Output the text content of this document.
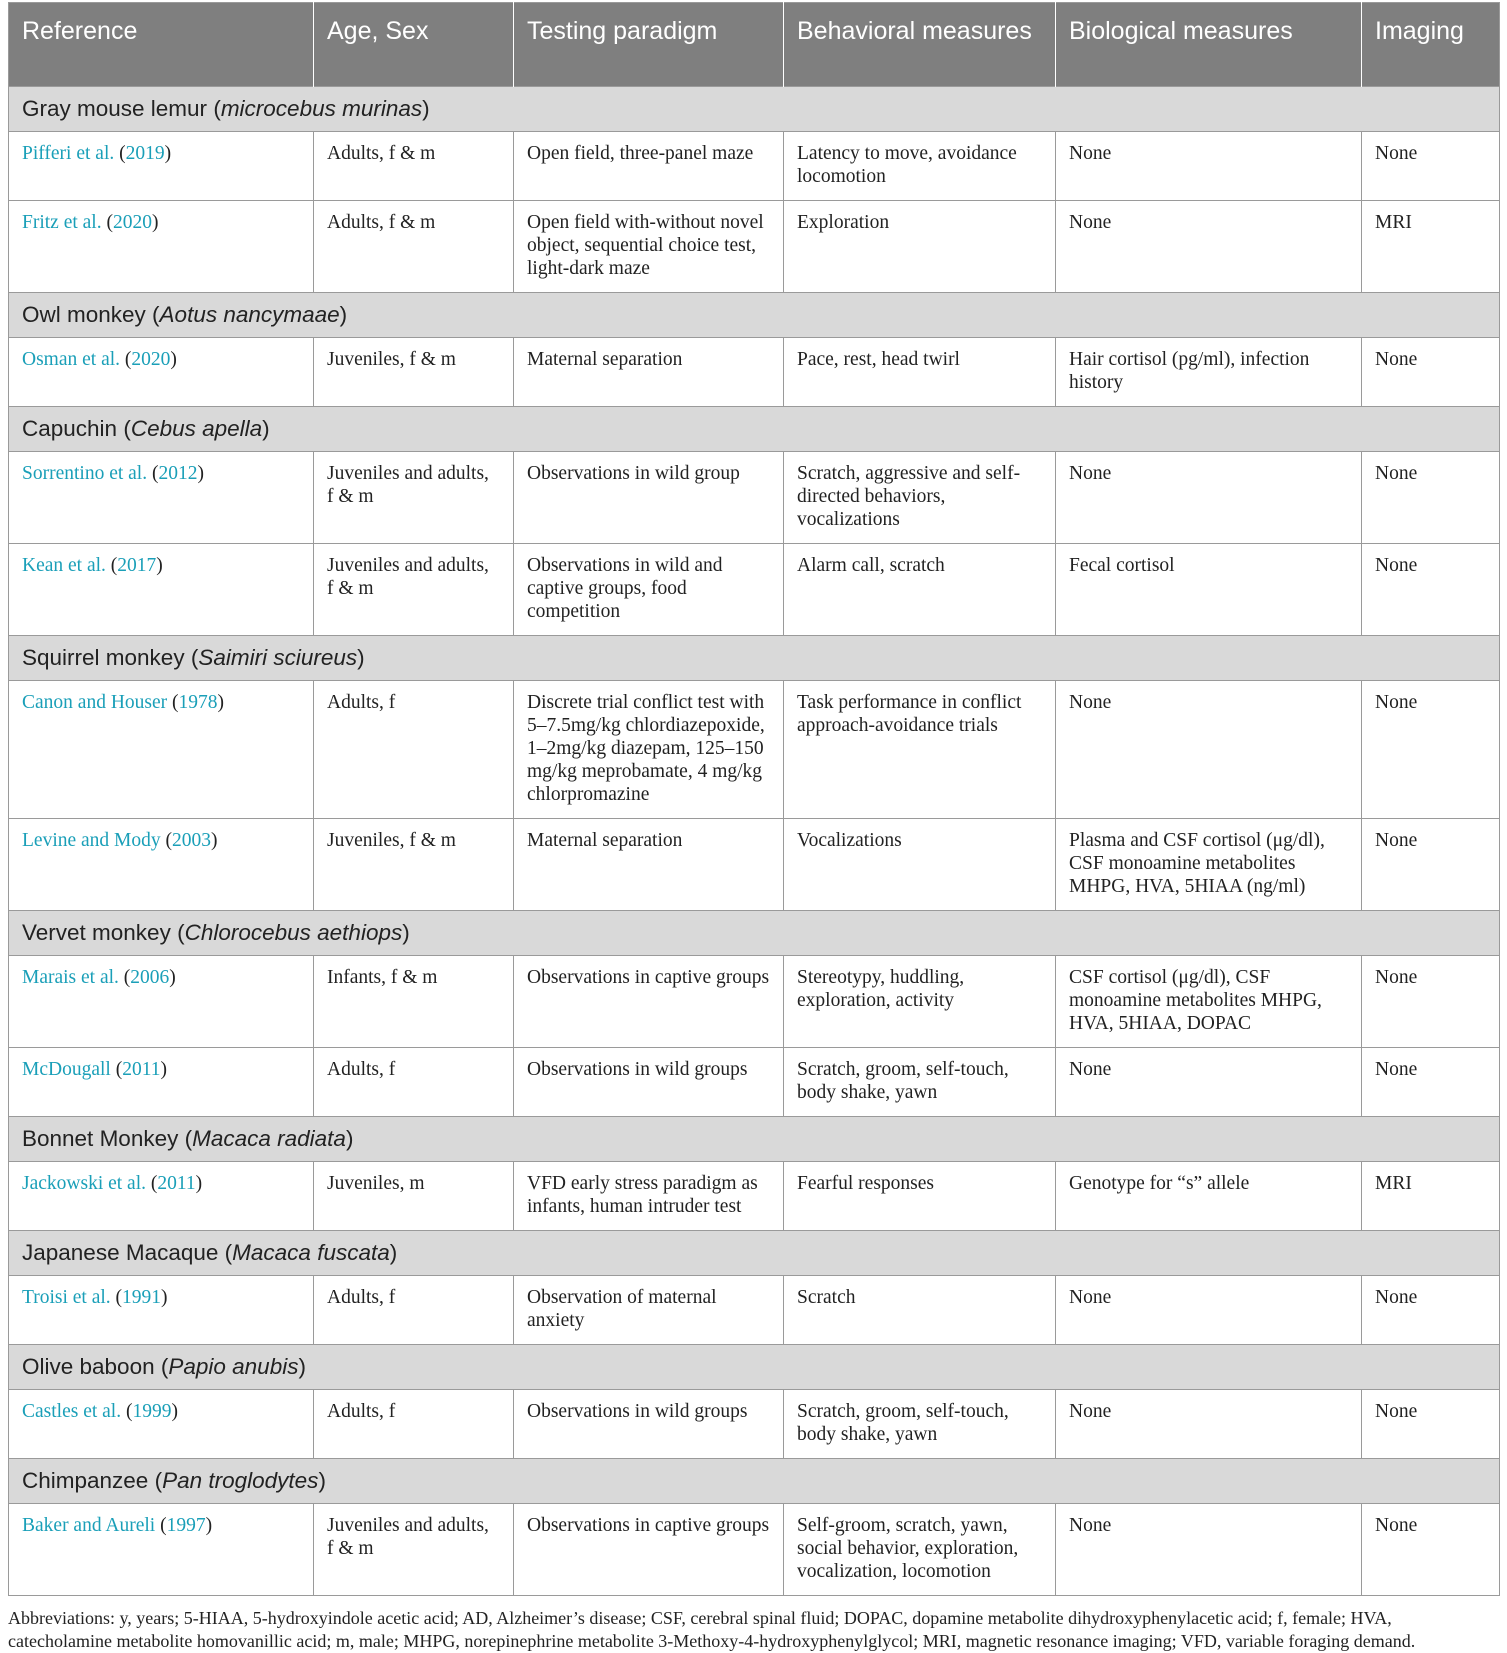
Reference	Age, Sex	Testing paradigm	Behavioral measures	Biological measures	Imaging
Gray mouse lemur (microcebus murinas)					
Pifferi et al. (2019)	Adults, f & m	Open field, three-panel maze	Latency to move, avoidance locomotion	None	None
Fritz et al. (2020)	Adults, f & m	Open field with-without novel object, sequential choice test, light-dark maze	Exploration	None	MRI
Owl monkey (Aotus nancymaae)					
Osman et al. (2020)	Juveniles, f & m	Maternal separation	Pace, rest, head twirl	Hair cortisol (pg/ml), infection history	None
Capuchin (Cebus apella)					
Sorrentino et al. (2012)	Juveniles and adults, f & m	Observations in wild group	Scratch, aggressive and self-directed behaviors, vocalizations	None	None
Kean et al. (2017)	Juveniles and adults, f & m	Observations in wild and captive groups, food competition	Alarm call, scratch	Fecal cortisol	None
Squirrel monkey (Saimiri sciureus)					
Canon and Houser (1978)	Adults, f	Discrete trial conflict test with 5–7.5mg/kg chlordiazepoxide, 1–2mg/kg diazepam, 125–150 mg/kg meprobamate, 4 mg/kg chlorpromazine	Task performance in conflict approach-avoidance trials	None	None
Levine and Mody (2003)	Juveniles, f & m	Maternal separation	Vocalizations	Plasma and CSF cortisol (μg/dl), CSF monoamine metabolites MHPG, HVA, 5HIAA (ng/ml)	None
Vervet monkey (Chlorocebus aethiops)					
Marais et al. (2006)	Infants, f & m	Observations in captive groups	Stereotypy, huddling, exploration, activity	CSF cortisol (μg/dl), CSF monoamine metabolites MHPG, HVA, 5HIAA, DOPAC	None
McDougall (2011)	Adults, f	Observations in wild groups	Scratch, groom, self-touch, body shake, yawn	None	None
Bonnet Monkey (Macaca radiata)					
Jackowski et al. (2011)	Juveniles, m	VFD early stress paradigm as infants, human intruder test	Fearful responses	Genotype for “s” allele	MRI
Japanese Macaque (Macaca fuscata)					
Troisi et al. (1991)	Adults, f	Observation of maternal anxiety	Scratch	None	None
Olive baboon (Papio anubis)					
Castles et al. (1999)	Adults, f	Observations in wild groups	Scratch, groom, self-touch, body shake, yawn	None	None
Chimpanzee (Pan troglodytes)					
Baker and Aureli (1997)	Juveniles and adults, f & m	Observations in captive groups	Self-groom, scratch, yawn, social behavior, exploration, vocalization, locomotion	None	None
Abbreviations: y, years; 5-HIAA, 5-hydroxyindole acetic acid; AD, Alzheimer’s disease; CSF, cerebral spinal fluid; DOPAC, dopamine metabolite dihydroxyphenylacetic acid; f, female; HVA, catecholamine metabolite homovanillic acid; m, male; MHPG, norepinephrine metabolite 3-Methoxy-4-hydroxyphenylglycol; MRI, magnetic resonance imaging; VFD, variable foraging demand.
